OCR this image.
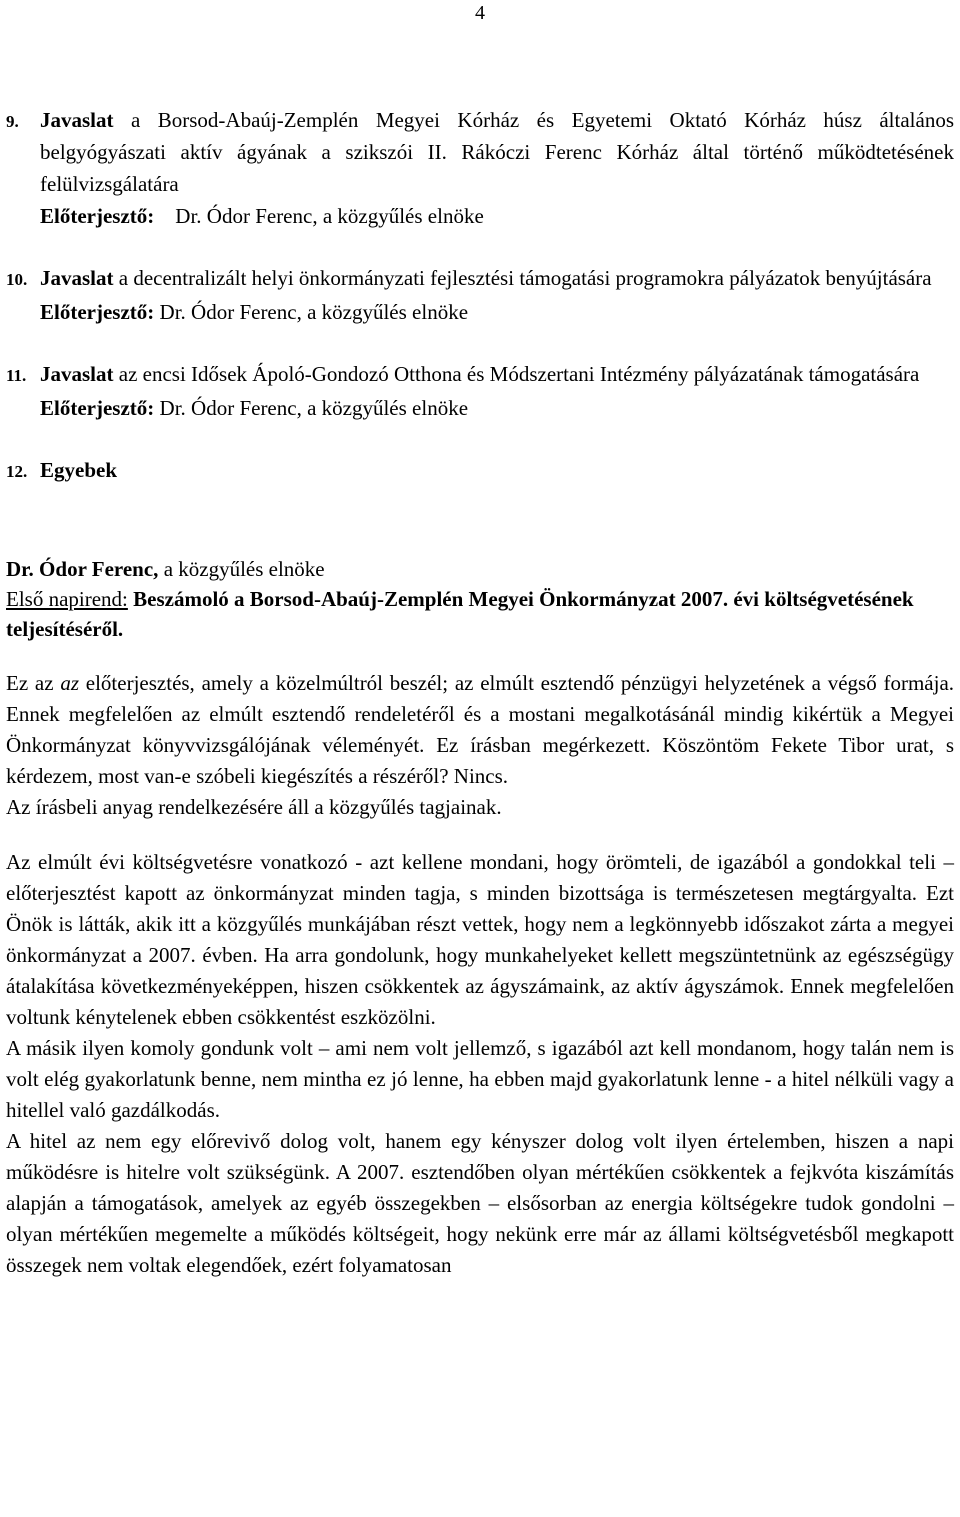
4
9.	Javaslat a Borsod-Abaúj-Zemplén Megyei Kórház és Egyetemi Oktató Kórház húsz általános belgyógyászati aktív ágyának a szikszói II. Rákóczi Ferenc Kórház által történő működtetésének felülvizsgálatára
Előterjesztő: Dr. Ódor Ferenc, a közgyűlés elnöke
10. Javaslat a decentralizált helyi önkormányzati fejlesztési támogatási programokra pályázatok benyújtására
Előterjesztő: Dr. Ódor Ferenc, a közgyűlés elnöke
11. Javaslat az encsi Idősek Ápoló-Gondozó Otthona és Módszertani Intézmény pályázatának támogatására
Előterjesztő: Dr. Ódor Ferenc, a közgyűlés elnöke
12. Egyebek
Dr. Ódor Ferenc, a közgyűlés elnöke
Első napirend: Beszámoló a Borsod-Abaúj-Zemplén Megyei Önkormányzat 2007. évi költségvetésének teljesítéséről.

Ez az az előterjesztés, amely a közelmúltról beszél; az elmúlt esztendő pénzügyi helyzetének a végső formája. Ennek megfelelően az elmúlt esztendő rendeletéről és a mostani megalkotásánál mindig kikértük a Megyei Önkormányzat könyvvizsgálójának véleményét. Ez írásban megérkezett. Köszöntöm Fekete Tibor urat, s kérdezem, most van-e szóbeli kiegészítés a részéről? Nincs.

Az írásbeli anyag rendelkezésére áll a közgyűlés tagjainak.

Az elmúlt évi költségvetésre vonatkozó - azt kellene mondani, hogy örömteli, de igazából a gondokkal teli – előterjesztést kapott az önkormányzat minden tagja, s minden bizottsága is természetesen megtárgyalta. Ezt Önök is látták, akik itt a közgyűlés munkájában részt vettek, hogy nem a legkönnyebb időszakot zárta a megyei önkormányzat a 2007. évben. Ha arra gondolunk, hogy munkahelyeket kellett megszüntetnünk az egészségügy átalakítása következményeképpen, hiszen csökkentek az ágyszámaink, az aktív ágyszámok. Ennek megfelelően voltunk kénytelenek ebben csökkentést eszközölni.

A másik ilyen komoly gondunk volt – ami nem volt jellemző, s igazából azt kell mondanom, hogy talán nem is volt elég gyakorlatunk benne, nem mintha ez jó lenne, ha ebben majd gyakorlatunk lenne - a hitel nélküli vagy a hitellel való gazdálkodás.

A hitel az nem egy előrevivő dolog volt, hanem egy kényszer dolog volt ilyen értelemben, hiszen a napi működésre is hitelre volt szükségünk. A 2007. esztendőben olyan mértékűen csökkentek a fejkvóta kiszámítás alapján a támogatások, amelyek az egyéb összegekben – elsősorban az energia költségekre tudok gondolni – olyan mértékűen megemelte a működés költségeit, hogy nekünk erre már az állami költségvetésből megkapott összegek nem voltak elegendőek, ezért folyamatosan
